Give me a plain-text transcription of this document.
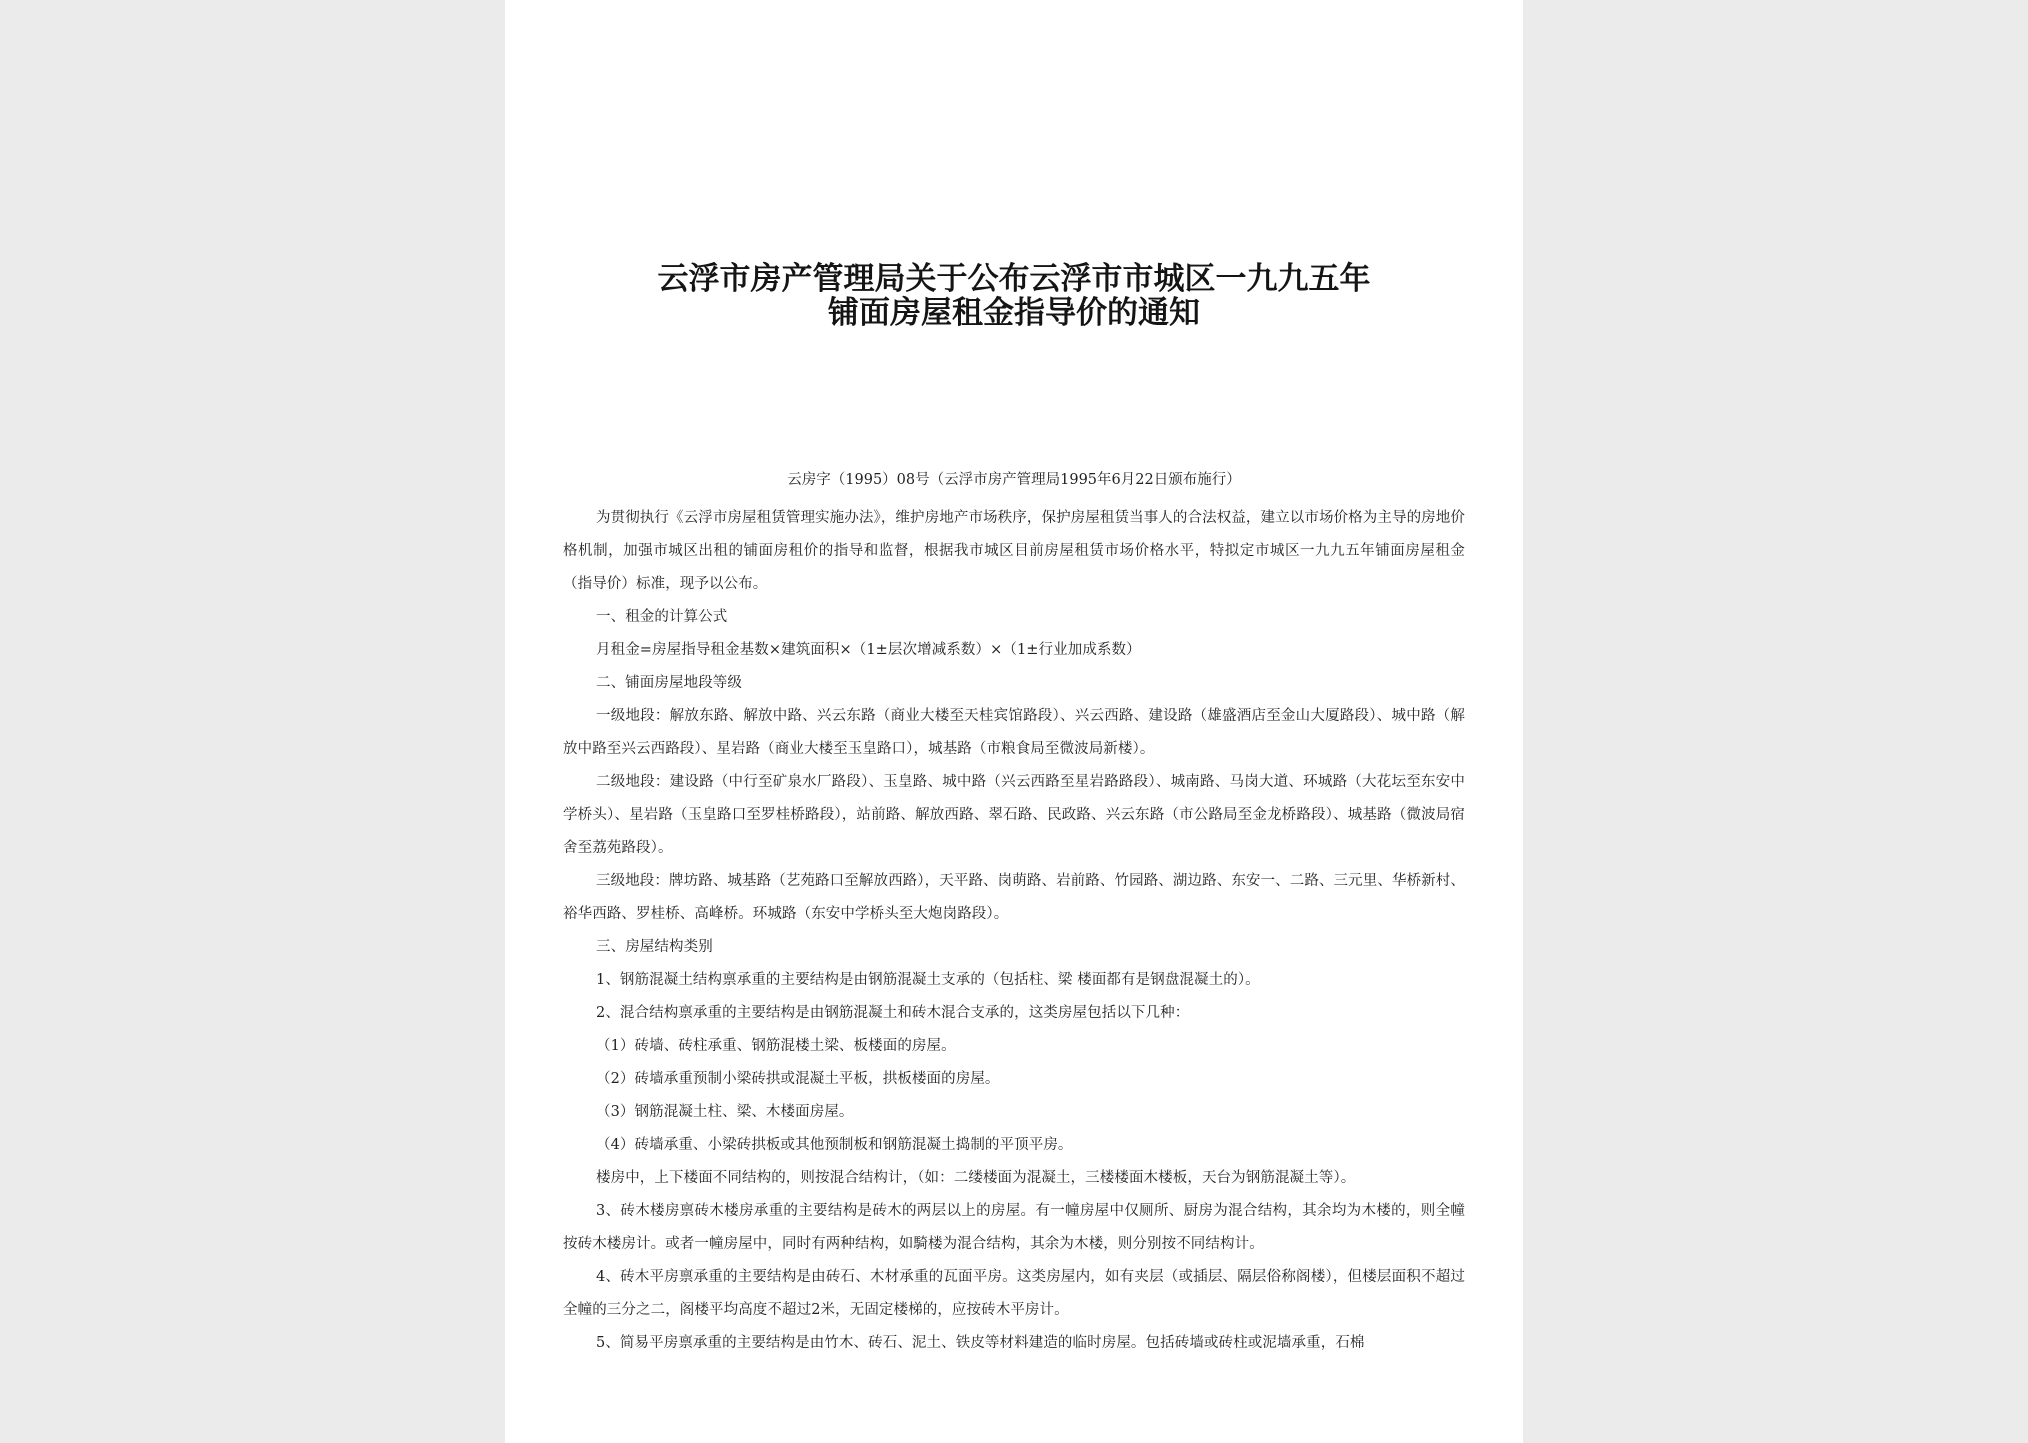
云浮市房产管理局关于公布云浮市市城区一九九五年
铺面房屋租金指导价的通知

云房字（1995）08号（云浮市房产管理局1995年6月22日颁布施行）

为贯彻执行《云浮市房屋租赁管理实施办法》，维护房地产市场秩序，保护房屋租赁当事人的合法权益，建立以市场价格为主导的房地价格机制，加强市城区出租的铺面房租价的指导和监督，根据我市城区目前房屋租赁市场价格水平，特拟定市城区一九九五年铺面房屋租金（指导价）标准，现予以公布。

一、租金的计算公式

月租金=房屋指导租金基数×建筑面积×（1±层次增减系数）×（1±行业加成系数）

二、铺面房屋地段等级

一级地段：解放东路、解放中路、兴云东路（商业大楼至天桂宾馆路段）、兴云西路、建设路（雄盛酒店至金山大厦路段）、城中路（解放中路至兴云西路段）、星岩路（商业大楼至玉皇路口），城基路（市粮食局至微波局新楼）。

二级地段：建设路（中行至矿泉水厂路段）、玉皇路、城中路（兴云西路至星岩路路段）、城南路、马岗大道、环城路（大花坛至东安中学桥头）、星岩路（玉皇路口至罗桂桥路段），站前路、解放西路、翠石路、民政路、兴云东路（市公路局至金龙桥路段）、城基路（微波局宿舍至荔苑路段）。

三级地段：牌坊路、城基路（艺苑路口至解放西路），天平路、岗萌路、岩前路、竹园路、湖边路、东安一、二路、三元里、华桥新村、裕华西路、罗桂桥、高峰桥。环城路（东安中学桥头至大炮岗路段）。

三、房屋结构类别

1、钢筋混凝土结构禀承重的主要结构是由钢筋混凝土支承的（包括柱、梁 楼面都有是钢盘混凝土的）。

2、混合结构禀承重的主要结构是由钢筋混凝土和砖木混合支承的，这类房屋包括以下几种：

（1）砖墙、砖柱承重、钢筋混楼土梁、板楼面的房屋。

（2）砖墙承重预制小梁砖拱或混凝土平板，拱板楼面的房屋。

（3）钢筋混凝土柱、梁、木楼面房屋。

（4）砖墙承重、小梁砖拱板或其他预制板和钢筋混凝土捣制的平顶平房。

楼房中，上下楼面不同结构的，则按混合结构计，（如：二缕楼面为混凝土，三楼楼面木楼板，天台为钢筋混凝土等）。

3、砖木楼房禀砖木楼房承重的主要结构是砖木的两层以上的房屋。有一幢房屋中仅厕所、厨房为混合结构，其余均为木楼的，则全幢按砖木楼房计。或者一幢房屋中，同时有两种结构，如騎楼为混合结构，其余为木楼，则分别按不同结构计。

4、砖木平房禀承重的主要结构是由砖石、木材承重的瓦面平房。这类房屋内，如有夹层（或插层、隔层俗称阁楼），但楼层面积不超过全幢的三分之二，阁楼平均高度不超过2米，无固定楼梯的，应按砖木平房计。

5、简易平房禀承重的主要结构是由竹木、砖石、泥土、铁皮等材料建造的临时房屋。包括砖墙或砖柱或泥墙承重，石棉
